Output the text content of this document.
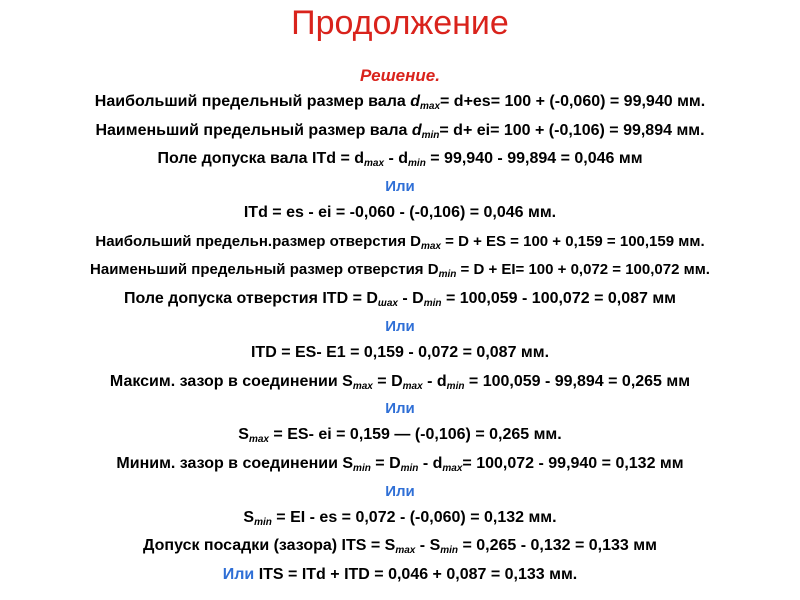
Продолжение
Решение.
Наибольший предельный размер вала $d_{max}= d+es= 100 + (-0,060) = 99,940$ мм.
Наименьший предельный размер вала $d_{min}= d+ ei= 100 + (-0,106) = 99,894$ мм.
Поле допуска вала ITd = $d_{max} - d_{min} = 99,940 - 99,894 = 0,046$ мм
Или
ITd = es - ei = -0,060 - (-0,106) = 0,046 мм.
Наибольший предельн.размер отверстия $D_{max} = D$ + ES = 100 + 0,159 = 100,159 мм.
Наименьший предельный размер отверстия $D_{min} = D + EI= 100 + 0,072 = 100,072$ мм.
Поле допуска отверстия ITD = $D_{шах} - D_{min} = 100,059 - 100,072 = 0,087$ мм
Или
ITD = ES- E1 = 0,159 - 0,072 = 0,087 мм.
Максим. зазор в соединении $S_{max} = D_{max} - d_{min} = 100,059 - 99,894 = 0,265$ мм
Или
$S_{max} = ES-$ ei = 0,159 — (-0,106) = 0,265 мм.
Миним. зазор в соединении $S_{min} = D_{min} - d_{max}= 100,072 - 99,940 = 0,132$ мм
Или
$S_{min}$ = EI - es = 0,072 - (-0,060) = 0,132 мм.
Допуск посадки (зазора) ITS = $S_{max} - S_{min} = 0,265 - 0,132 = 0,133$ мм
Или ITS = ITd + ITD = 0,046 + 0,087 = 0,133 мм.
